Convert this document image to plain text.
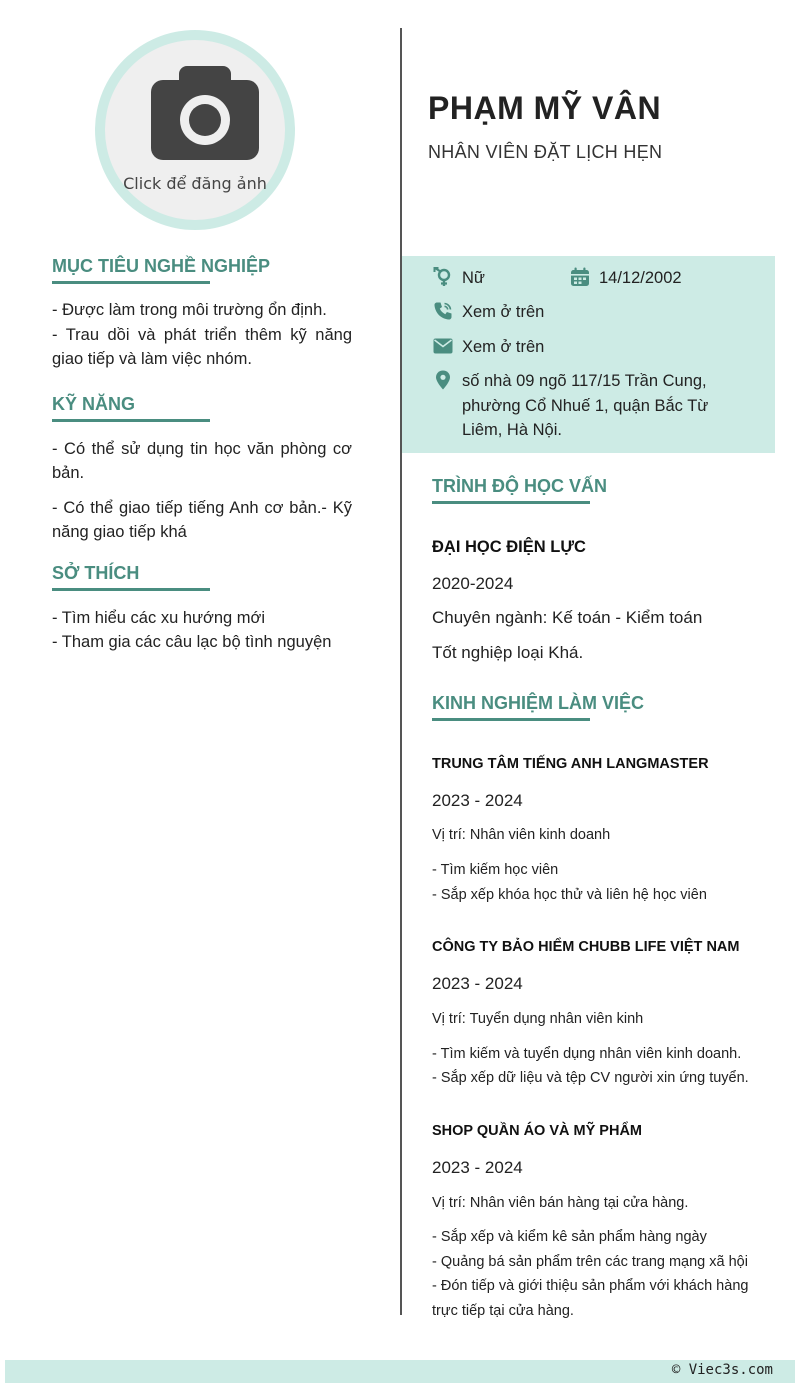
Click để đăng ảnh
PHẠM MỸ VÂN
NHÂN VIÊN ĐẶT LỊCH HẸN
MỤC TIÊU NGHỀ NGHIỆP
- Được làm trong môi trường ổn định.
- Trau dồi và phát triển thêm kỹ năng giao tiếp và làm việc nhóm.
KỸ NĂNG
- Có thể sử dụng tin học văn phòng cơ bản.
- Có thể giao tiếp tiếng Anh cơ bản.- Kỹ năng giao tiếp khá
SỞ THÍCH
- Tìm hiểu các xu hướng mới
- Tham gia các câu lạc bộ tình nguyện
Nữ	14/12/2002
Xem ở trên
Xem ở trên
số nhà 09 ngõ 117/15 Trần Cung,
phường Cổ Nhuế 1, quận Bắc Từ
Liêm, Hà Nội.
TRÌNH ĐỘ HỌC VẤN
ĐẠI HỌC ĐIỆN LỰC
2020-2024
Chuyên ngành: Kế toán - Kiểm toán
Tốt nghiệp loại Khá.
KINH NGHIỆM LÀM VIỆC
TRUNG TÂM TIẾNG ANH LANGMASTER
2023 - 2024
Vị trí: Nhân viên kinh doanh
- Tìm kiếm học viên
- Sắp xếp khóa học thử và liên hệ học viên
CÔNG TY BẢO HIỂM CHUBB LIFE VIỆT NAM
2023 - 2024
Vị trí: Tuyển dụng nhân viên kinh
- Tìm kiếm và tuyển dụng nhân viên kinh doanh.
- Sắp xếp dữ liệu và tệp CV người xin ứng tuyển.
SHOP QUẦN ÁO VÀ MỸ PHẨM
2023 - 2024
Vị trí: Nhân viên bán hàng tại cửa hàng.
- Sắp xếp và kiểm kê sản phẩm hàng ngày
- Quảng bá sản phẩm trên các trang mạng xã hội
- Đón tiếp và giới thiệu sản phẩm với khách hàng
trực tiếp tại cửa hàng.
© Viec3s.com
